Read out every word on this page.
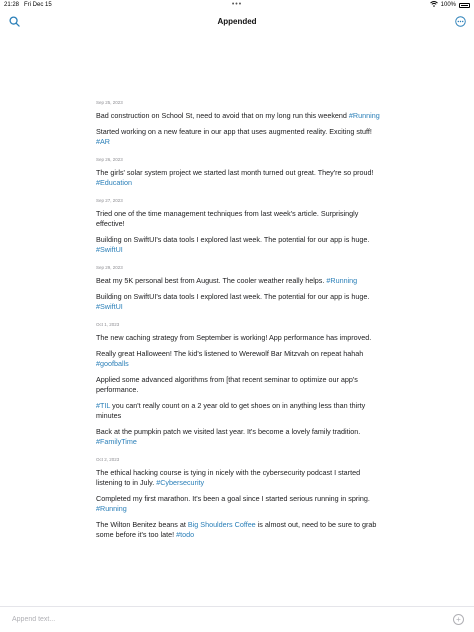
21:28 Fri Dec 15	•••	100%
Appended
Sep 25, 2023
Bad construction on School St, need to avoid that on my long run this weekend #Running
Started working on a new feature in our app that uses augmented reality. Exciting stuff! #AR
Sep 26, 2023
The girls' solar system project we started last month turned out great. They're so proud! #Education
Sep 27, 2023
Tried one of the time management techniques from last week's article. Surprisingly effective!
Building on SwiftUI's data tools I explored last week. The potential for our app is huge. #SwiftUI
Sep 29, 2023
Beat my 5K personal best from August. The cooler weather really helps. #Running
Building on SwiftUI's data tools I explored last week. The potential for our app is huge. #SwiftUI
Oct 1, 2023
The new caching strategy from September is working! App performance has improved.
Really great Halloween! The kid's listened to Werewolf Bar Mitzvah on repeat hahah #goofballs
Applied some advanced algorithms from [that recent seminar to optimize our app's performance.
#TIL you can't really count on a 2 year old to get shoes on in anything less than thirty minutes
Back at the pumpkin patch we visited last year. It's become a lovely family tradition. #FamilyTime
Oct 2, 2023
The ethical hacking course is tying in nicely with the cybersecurity podcast I started listening to in July. #Cybersecurity
Completed my first marathon. It's been a goal since I started serious running in spring. #Running
The Wilton Benitez beans at Big Shoulders Coffee is almost out, need to be sure to grab some before it's too late! #todo
Append text...
+
